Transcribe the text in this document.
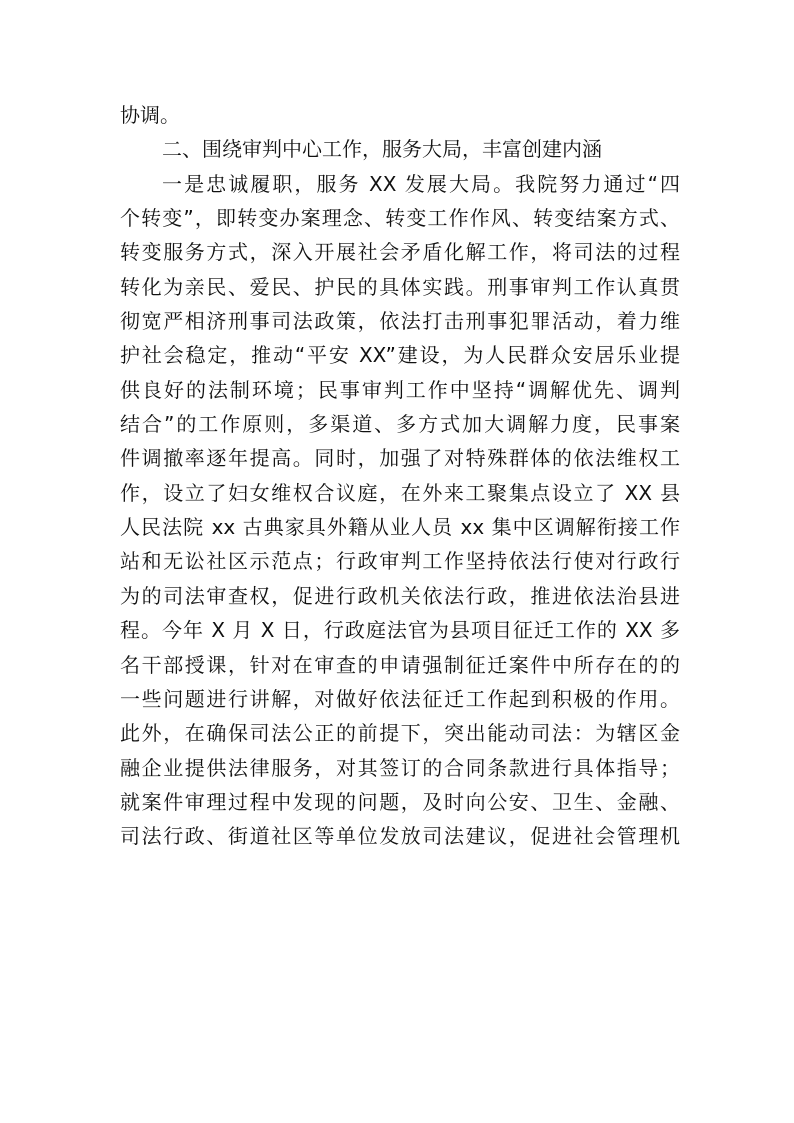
协调。
二、围绕审判中心工作，服务大局，丰富创建内涵
一是忠诚履职，服务 XX 发展大局。我院努力通过“四
个转变”，即转变办案理念、转变工作作风、转变结案方式、
转变服务方式，深入开展社会矛盾化解工作，将司法的过程
转化为亲民、爱民、护民的具体实践。刑事审判工作认真贯
彻宽严相济刑事司法政策，依法打击刑事犯罪活动，着力维
护社会稳定，推动“平安 XX”建设，为人民群众安居乐业提
供良好的法制环境；民事审判工作中坚持“调解优先、调判
结合”的工作原则，多渠道、多方式加大调解力度，民事案
件调撤率逐年提高。同时，加强了对特殊群体的依法维权工
作，设立了妇女维权合议庭，在外来工聚集点设立了 XX 县
人民法院 xx 古典家具外籍从业人员 xx 集中区调解衔接工作
站和无讼社区示范点；行政审判工作坚持依法行使对行政行
为的司法审查权，促进行政机关依法行政，推进依法治县进
程。今年 X 月 X 日，行政庭法官为县项目征迁工作的 XX 多
名干部授课，针对在审查的申请强制征迁案件中所存在的的
一些问题进行讲解，对做好依法征迁工作起到积极的作用。
此外，在确保司法公正的前提下，突出能动司法：为辖区金
融企业提供法律服务，对其签订的合同条款进行具体指导；
就案件审理过程中发现的问题，及时向公安、卫生、金融、
司法行政、街道社区等单位发放司法建议，促进社会管理机
